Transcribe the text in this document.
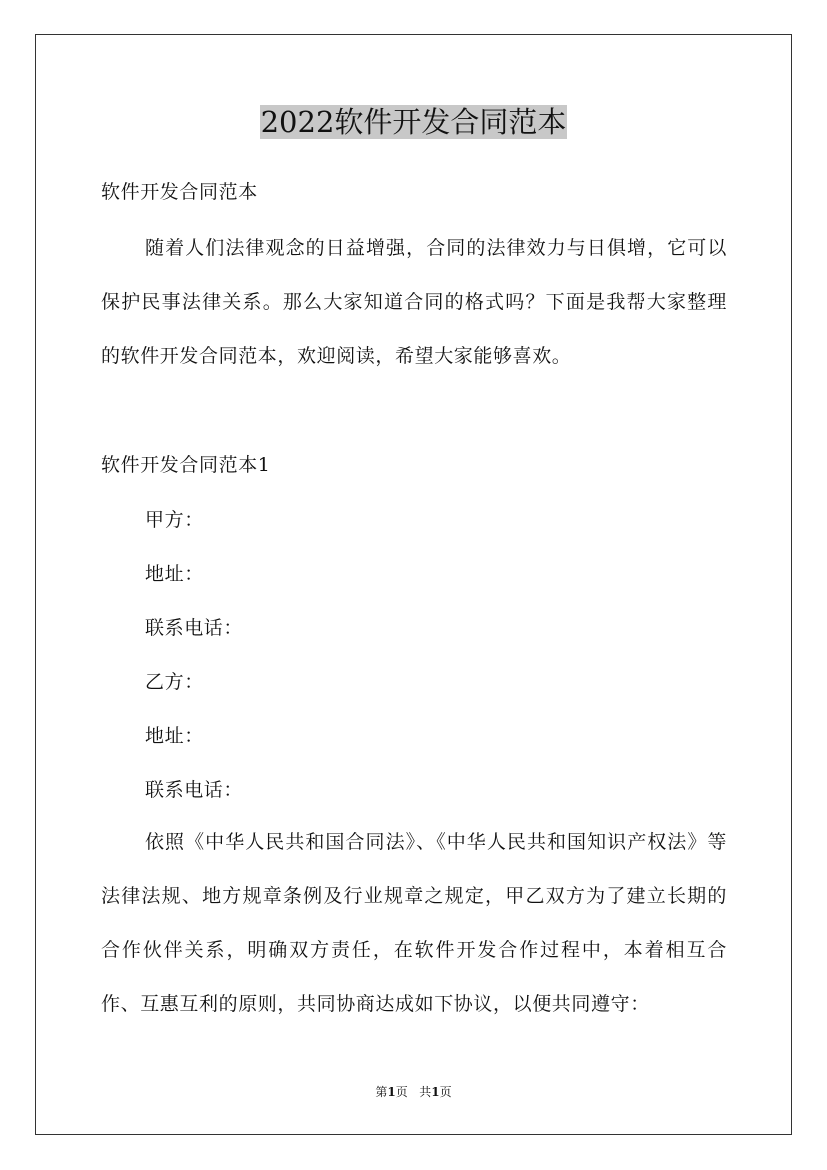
2022软件开发合同范本
软件开发合同范本
随着人们法律观念的日益增强，合同的法律效力与日俱增，它可以保护民事法律关系。那么大家知道合同的格式吗？下面是我帮大家整理的软件开发合同范本，欢迎阅读，希望大家能够喜欢。
软件开发合同范本1
甲方：
地址：
联系电话：
乙方：
地址：
联系电话：
依照《中华人民共和国合同法》、《中华人民共和国知识产权法》等法律法规、地方规章条例及行业规章之规定，甲乙双方为了建立长期的合作伙伴关系，明确双方责任，在软件开发合作过程中，本着相互合作、互惠互利的原则，共同协商达成如下协议，以便共同遵守：
第1页 共1页
